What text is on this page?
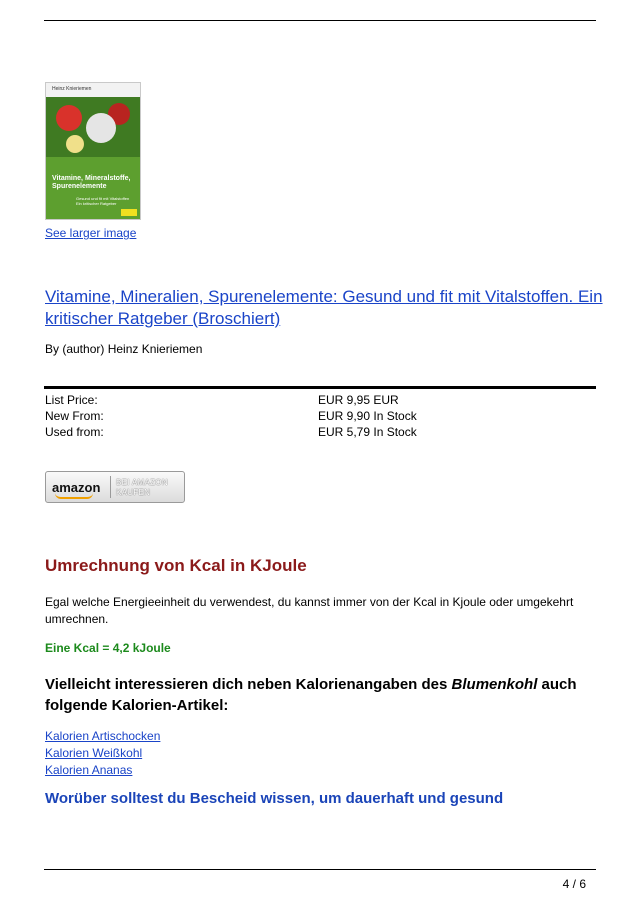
Heinz Knieriemen
Vitamine, Mineralstoffe, Spurenelemente
Gesund und fit mit Vitalstoffen Ein kritischer Ratgeber
See larger image
Vitamine, Mineralien, Spurenelemente: Gesund und fit mit Vitalstoffen. Ein kritischer Ratgeber (Broschiert)
By (author) Heinz Knieriemen
List Price:	EUR 9,95 EUR
New From:	EUR 9,90 In Stock
Used from:	EUR 5,79 In Stock
amazon BEI AMAZON KAUFEN
Umrechnung von Kcal in KJoule
Egal welche Energieeinheit du verwendest, du kannst immer von der Kcal in Kjoule oder umgekehrt umrechnen.
Eine Kcal = 4,2 kJoule
Vielleicht interessieren dich neben Kalorienangaben des Blumenkohl auch folgende Kalorien-Artikel:
Kalorien Artischocken
Kalorien Weißkohl
Kalorien Ananas
Worüber solltest du Bescheid wissen, um dauerhaft und gesund
4 / 6
